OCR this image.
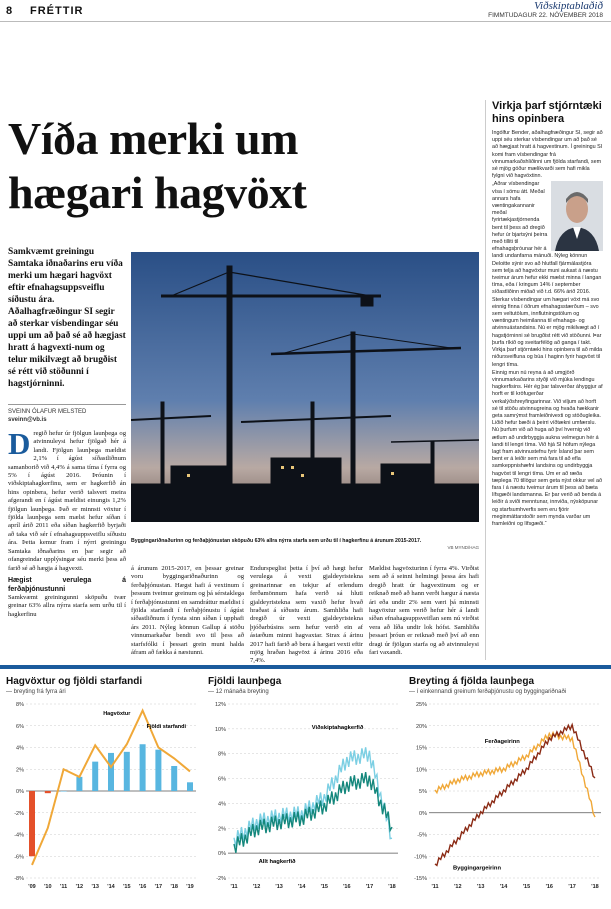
8 FRÉTTIR	Viðskiptablaðið
FIMMTUDAGUR 22. NÓVEMBER 2018
Víða merki um
hægari hagvöxt
Samkvæmt greiningu Samtaka iðnaðarins eru víða merki um hægari hagvöxt eftir efnahagsuppsveiflu síðustu ára. Aðalhagfræðingur SI segir að sterkar vísbendingar séu uppi um að það sé að hægjast hratt á hagvexti-num og telur mikilvægt að brugðist sé rétt við stöðunni í hagstjórninni.
SVEINN ÓLAFUR MELSTED
sveinn@vb.is
Byggingariðnaðurinn og ferðaþjónustan sköpuðu 63% allra nýrra starfa sem urðu til í hagkerfinu á árunum 2015-2017.
VB MYND/HAG
D regið hefur úr fjölgun launþega og atvinnuleysi hefur fjölgað hér á landi. Fjölgun launþega mældist 2,1% í ágúst síðastliðnum samanborið við 4,4% á sama tíma í fyrra og 5% í ágúst 2016. Þróunin í viðskiptahagkerfinu, sem er hagkerfið án hins opinbera, hefur verið talsvert meira afgerandi en í ágúst mældist einungis 1,2% fjölgun launþega. Það er minnsti vöxtur í fjölda launþega sem mælst hefur síðan í apríl árið 2011 eða síðan hagkerfið byrjaði að taka við sér í efnahagsuppsveiflu síðustu ára. Þetta kemur fram í nýrri greiningu Samtaka iðnaðarins en þar segir að ofangreindar upplýsingar séu merki þess að farið sé að hægja á hagvexti.

Hægist verulega á ferðaþjónustunni

Samkvæmt greiningunni sköpuðu tvær greinar 63% allra nýrra starfa sem urðu til í hagkerfinu

á árunum 2015-2017, en þessar greinar voru byggingariðnaðurinn og ferðaþjónustan. Hægst hafi á vextinum í þessum tveimur greinum og þá sérstaklega í ferðaþjónustunni en samdráttur mældist í fjölda starfandi í ferðaþjónustu í ágúst síðastliðnum í fyrsta sinn síðan í upphafi árs 2011. Nýleg könnun Gallup á stöðu vinnumarkaðar bendi svo til þess að starfsfólki í þessari grein muni halda áfram að fækka á næstunni.
Endurspeglist þetta í því að hægt hefur verulega á vexti gjaldeyristekna greinarinnar en tekjur af erlendum ferðamönnum hafa verið sá hluti gjaldeyristekna sem vaxið hefur hvað hraðast á síðustu árum. Samhliða hafi dregið úr vexti gjaldeyristekna þjóðarbúsins sem hefur verið ein af ástæðum minni hagvaxtar. Strax á árinu 2017 hafi farið að bera á hægari vexti eftir mjög hraðan hagvöxt á árinu 2016 eða 7,4%.
Mældist hagvöxturinn í fyrra 4%. Virðist sem að á seinni helmingi þessa árs hafi dregið hratt úr hagvextinum og er reiknað með að hann verði hægur á næsta ári eða undir 2% sem væri þá minnsti hagvöxtur sem verið hefur hér á landi síðan efnahagsuppsveiflan sem nú virðist vera að líða undir lok hófst. Samhliða þessari þróun er reiknað með því að enn dragi úr fjölgun starfa og að atvinnuleysi fari vaxandi.
Virkja þarf stjórntæki hins opinbera

Ingólfur Bender, aðalhagfræðingur SI, segir að uppi séu sterkar vísbendingar um að það sé að hægjast hratt á hagvextinum. Í greiningu SI komi fram vísbendingar frá vinnumarkaðshliðinni um fjölda starfandi, sem sé mjög góður mælikvarði sem hafi mikla fylgni við hagvöxtinn.

„Aðrar vísbendingar vísa í sömu átt. Meðal annars hafa væntingakannanir meðal fyrirtækjastjórnenda bent til þess að dregið hefur úr bjartsýni þeirra með tilliti til efnahagsþróunar hér á landi undanfarna mánuði. Nýleg könnun Deloitte sýnir svo að hlutfall fjármálastjóra sem telja að hagvöxtur muni aukast á næstu tveimur árum hefur ekki mælst minna í langan tíma, eða í kringum 14% í september síðastliðinn miðað við t.d. 66% árið 2016. Sterkar vísbendingar um hægari vöxt má svo einnig finna í öðrum efnahagsstærðum – svo sem veltutölum, innflutningstölum og væntingum heimilanna til efnahags- og atvinnuástandsins. Nú er mjög mikilvægt að í hagstjórninni sé brugðist rétt við stöðunni. Þar þurfa ríkið og sveitarfélög að ganga í takt. Virkja þarf stjórntæki hins opinbera til að milda niðursveifluna og búa í haginn fyrir hagvöxt til lengri tíma.

Einnig mun nú reyna á að umgjörð vinnumarkaðarins styðji við mjúka lendingu hagkerfisins. Hér ég þar talsverðar áhyggjur af horft er til kröfugerðar verkalýðshreyfingarinnar. Við viljum að horft sé til stöðu atvinnugreina og hvaða hækkanir geta samrýmst framleiðnivexti og stöðugleika. Liðið hefur bæði á þeirri víðtækni umfærslu. Nú þurfum við að huga að því hvernig við ætlum að undirbyggja aukna velmegun hér á landi til lengri tíma. Við hjá SI höfum nýlega lagt fram atvinnustefnu fyrir Ísland þar sem bent er á leiðir sem má fara til að efla samkeppnishæfni landsins og undirbyggja hagvöxt til lengri tíma. Um er að ræða tæplega 70 tillögur sem geta nýst okkur vel að fara í á næstu tveimur árum til þess að bæta lífsgæði landsmanna. Er þar verið að benda á leiðir á sviði menntunar, innviða, nýsköpunar og starfsumhverfis sem eru fjórir meginmáttarstoðir sem mynda varðar um framleiðni og lífsgæði.“

Hagvöxtur og fjöldi starfandi
— breyting frá fyrra ári
8%
6%
4%
2%
0%
-2%
-4%
-6%
-8%
'09 '10 '11 '12 '13 '14 '15 '16 '17 '18 '19
Hagvöxtur
Fjöldi starfandi
Fjöldi launþega
— 12 mánaða breyting
12%
10%
8%
6%
4%
2%
0%
-2%
'11	'12	'13	'14	'15	'16	'17	'18
Viðskiptahagkerfið
Allt hagkerfið
Breyting á fjölda launþega
— í einkennandi greinum ferðaþjónustu og byggingariðnaði
25%
20%
15%
10%
5%
0%
-5%
-10%
-15%
'11	'12	'13	'14	'15	'16	'17	'18
Ferðageirinn
Byggingargeirinn
